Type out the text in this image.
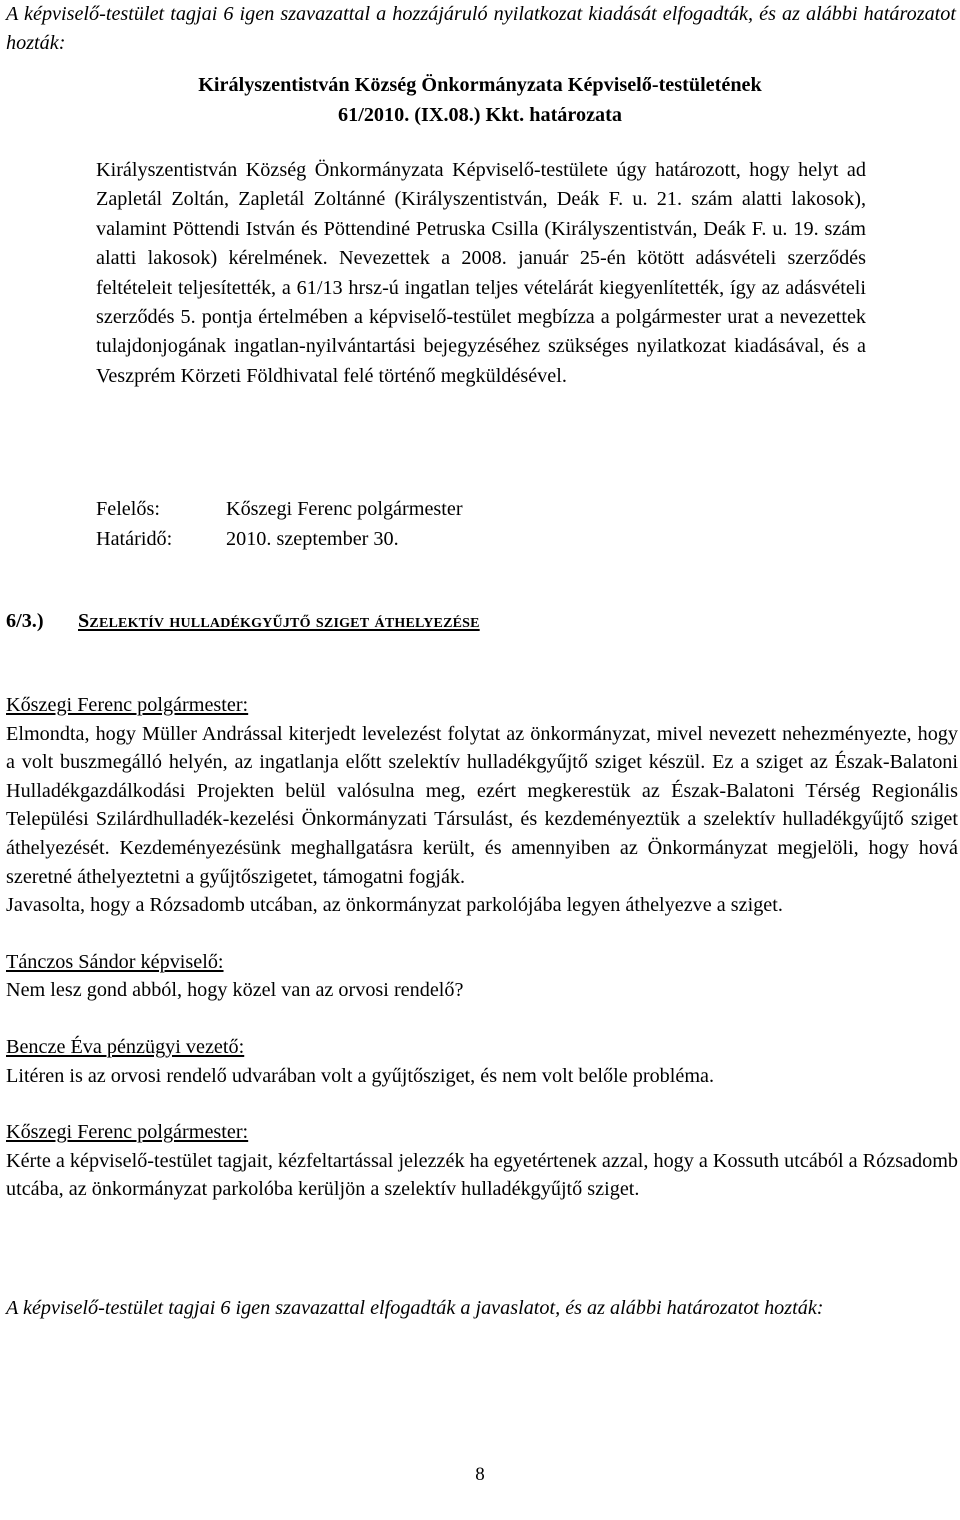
A képviselő-testület tagjai 6 igen szavazattal a hozzájáruló nyilatkozat kiadását elfogadták, és az alábbi határozatot hozták:

Királyszentistván Község Önkormányzata Képviselő-testületének
61/2010. (IX.08.) Kkt. határozata

Királyszentistván Község Önkormányzata Képviselő-testülete úgy határozott, hogy helyt ad Zapletál Zoltán, Zapletál Zoltánné (Királyszentistván, Deák F. u. 21. szám alatti lakosok), valamint Pöttendi István és Pöttendiné Petruska Csilla (Királyszentistván, Deák F. u. 19. szám alatti lakosok) kérelmének. Nevezettek a 2008. január 25-én kötött adásvételi szerződés feltételeit teljesítették, a 61/13 hrsz-ú ingatlan teljes vételárát kiegyenlítették, így az adásvételi szerződés 5. pontja értelmében a képviselő-testület megbízza a polgármester urat a nevezettek tulajdonjogának ingatlan-nyilvántartási bejegyzéséhez szükséges nyilatkozat kiadásával, és a Veszprém Körzeti Földhivatal felé történő megküldésével.

Felelős:	Kőszegi Ferenc polgármester
Határidő:	2010. szeptember 30.
6/3.) Szelektív hulladékgyűjtő sziget áthelyezése
Kőszegi Ferenc polgármester:

Elmondta, hogy Müller Andrással kiterjedt levelezést folytat az önkormányzat, mivel nevezett nehezményezte, hogy a volt buszmegálló helyén, az ingatlanja előtt szelektív hulladékgyűjtő sziget készül. Ez a sziget az Észak-Balatoni Hulladékgazdálkodási Projekten belül valósulna meg, ezért megkerestük az Észak-Balatoni Térség Regionális Települési Szilárdhulladék-kezelési Önkormányzati Társulást, és kezdeményeztük a szelektív hulladékgyűjtő sziget áthelyezését. Kezdeményezésünk meghallgatásra került, és amennyiben az Önkormányzat megjelöli, hogy hová szeretné áthelyeztetni a gyűjtőszigetet, támogatni fogják.

Javasolta, hogy a Rózsadomb utcában, az önkormányzat parkolójába legyen áthelyezve a sziget.

Tánczos Sándor képviselő:

Nem lesz gond abból, hogy közel van az orvosi rendelő?

Bencze Éva pénzügyi vezető:

Litéren is az orvosi rendelő udvarában volt a gyűjtősziget, és nem volt belőle probléma.

Kőszegi Ferenc polgármester:

Kérte a képviselő-testület tagjait, kézfeltartással jelezzék ha egyetértenek azzal, hogy a Kossuth utcából a Rózsadomb utcába, az önkormányzat parkolóba kerüljön a szelektív hulladékgyűjtő sziget.

A képviselő-testület tagjai 6 igen szavazattal elfogadták a javaslatot, és az alábbi határozatot hozták:

8
